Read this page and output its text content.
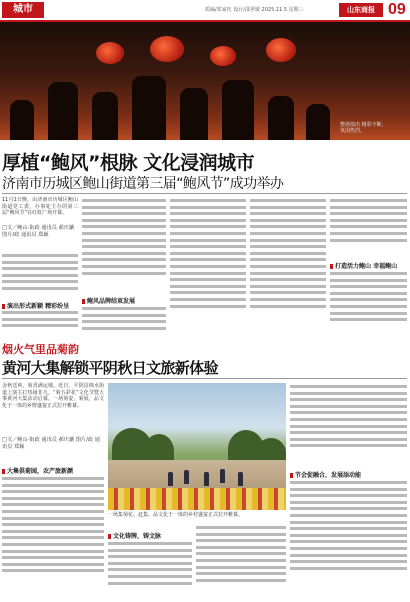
城市	质编/邓家钰 设计/邵世敏 2025.11.5 星期三	山东商报 09
整场演出 精彩不断，氛围热烈。
厚植“鲍风”根脉 文化浸润城市
济南市历城区鲍山街道第三届“鲍风节”成功举办
11月1日晚，由济南市历城区鲍山街道党工委、办事处主办的第三届“鲍风节”在红虹广场开幕。
□文／鲍山·街政 通讯员 郝庆骧 图片/政 通讯员 郑颖
演出形式新颖 精彩纷呈
鲍风品牌结束发展
打造活力鲍山 幸福鲍山
烟火气里品菊韵
黄河大集解锁平阴秋日文旅新体验
金秋送爽，菊香满运城。近日，平阴县锦水街道上演主打热闹非凡。“菊五彩花”文化节暨大事黄河大集活动启幕，一场菊宴，菊展，品文化于一体的乡野盛宴正式拉开帷幕。
□文／鲍山·街政 通讯员 郝庆骧 图片/政 通讯员 郑颖
大集俱菊园，农产旅新颜
一场集菊花、赶集、品文化于一体的乡村盛宴正式拉开帷幕。
文化铸牌，铸文脉
节会促融合，发展添动能
